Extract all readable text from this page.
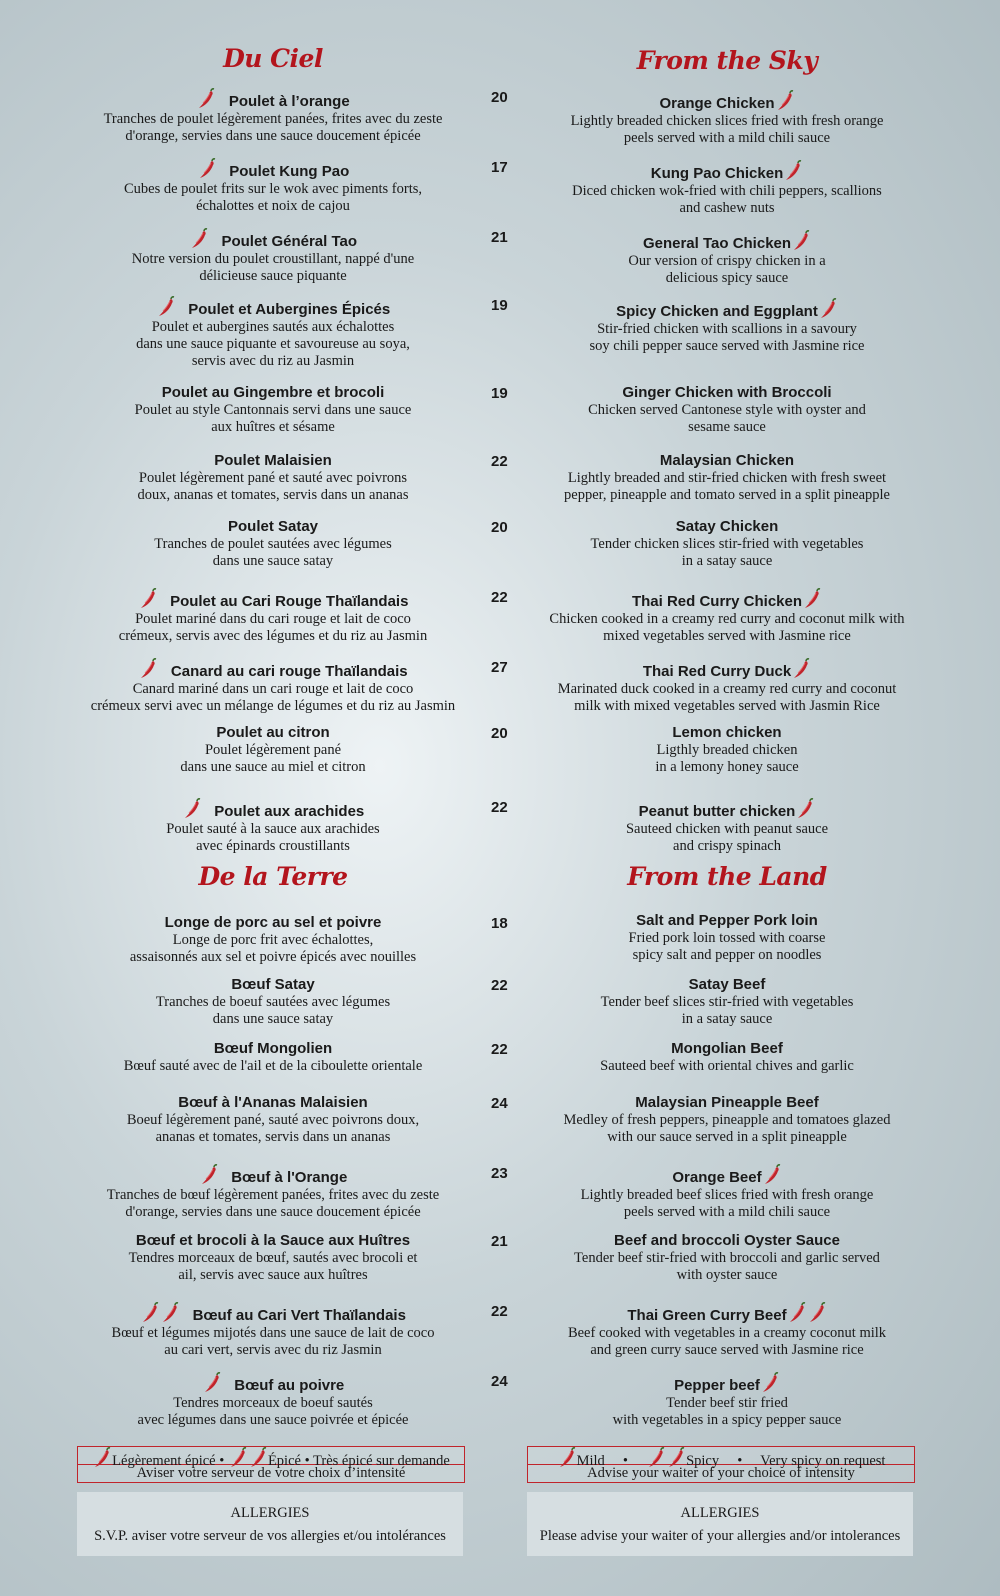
Du Ciel
Poulet à l’orange
Tranches de poulet légèrement panées, frites avec du zeste
d'orange, servies dans une sauce doucement épicée
20
Poulet Kung Pao
Cubes de poulet frits sur le wok avec piments forts,
échalottes et noix de cajou
17
Poulet Général Tao
Notre version du poulet croustillant, nappé d'une
délicieuse sauce piquante
21
Poulet et Aubergines Épicés
Poulet et aubergines sautés aux échalottes
dans une sauce piquante et savoureuse au soya,
servis avec du riz au Jasmin
19
Poulet au Gingembre et brocoli
Poulet au style Cantonnais servi dans une sauce
aux huîtres et sésame
19
Poulet Malaisien
Poulet légèrement pané et sauté avec poivrons
doux, ananas et tomates, servis dans un ananas
22
Poulet Satay
Tranches de poulet sautées avec légumes
dans une sauce satay
20
Poulet au Cari Rouge Thaïlandais
Poulet mariné dans du cari rouge et lait de coco
crémeux, servis avec des légumes et du riz au Jasmin
22
Canard au cari rouge Thaïlandais
Canard mariné dans un cari rouge et lait de coco
crémeux servi avec un mélange de légumes et du riz au Jasmin
27
Poulet au citron
Poulet légèrement pané
dans une sauce au miel et citron
20
Poulet aux arachides
Poulet sauté à la sauce aux arachides
avec épinards croustillants
22
De la Terre
Longe de porc au sel et poivre
Longe de porc frit avec échalottes,
assaisonnés aux sel et poivre épicés avec nouilles
18
Bœuf Satay
Tranches de boeuf sautées avec légumes
dans une sauce satay
22
Bœuf Mongolien
Bœuf sauté avec de l'ail et de la ciboulette orientale
22
Bœuf à l'Ananas Malaisien
Boeuf légèrement pané, sauté avec poivrons doux,
ananas et tomates, servis dans un ananas
24
Bœuf à l'Orange
Tranches de bœuf légèrement panées, frites avec du zeste
d'orange, servies dans une sauce doucement épicée
23
Bœuf et brocoli à la Sauce aux Huîtres
Tendres morceaux de bœuf, sautés avec brocoli et
ail, servis avec sauce aux huîtres
21
Bœuf au Cari Vert Thaïlandais
Bœuf et légumes mijotés dans une sauce de lait de coco
au cari vert, servis avec du riz Jasmin
22
Bœuf au poivre
Tendres morceaux de boeuf sautés
avec légumes dans une sauce poivrée et épicée
24
Légèrement épicé •	Épicé • Très épicé sur demande
Aviser votre serveur de votre choix d’intensité
ALLERGIES
S.V.P. aviser votre serveur de vos allergies et/ou intolérances
From the Sky
Orange Chicken
Lightly breaded chicken slices fried with fresh orange
peels served with a mild chili sauce
Kung Pao Chicken
Diced chicken wok-fried with chili peppers, scallions
and cashew nuts
General Tao Chicken
Our version of crispy chicken in a
delicious spicy sauce
Spicy Chicken and Eggplant
Stir-fried chicken with scallions in a savoury
soy chili pepper sauce served with Jasmine rice
Ginger Chicken with Broccoli
Chicken served Cantonese style with oyster and
sesame sauce
Malaysian Chicken
Lightly breaded and stir-fried chicken with fresh sweet
pepper, pineapple and tomato served in a split pineapple
Satay Chicken
Tender chicken slices stir-fried with vegetables
in a satay sauce
Thai Red Curry Chicken
Chicken cooked in a creamy red curry and coconut milk with
mixed vegetables served with Jasmine rice
Thai Red Curry Duck
Marinated duck cooked in a creamy red curry and coconut
milk with mixed vegetables served with Jasmin Rice
Lemon chicken
Ligthly breaded chicken
in a lemony honey sauce
Peanut butter chicken
Sauteed chicken with peanut sauce
and crispy spinach
From the Land
Salt and Pepper Pork loin
Fried pork loin tossed with coarse
spicy salt and pepper on noodles
Satay Beef
Tender beef slices stir-fried with vegetables
in a satay sauce
Mongolian Beef
Sauteed beef with oriental chives and garlic
Malaysian Pineapple Beef
Medley of fresh peppers, pineapple and tomatoes glazed
with our sauce served in a split pineapple
Orange Beef
Lightly breaded beef slices fried with fresh orange
peels served with a mild chili sauce
Beef and broccoli Oyster Sauce
Tender beef stir-fried with broccoli and garlic served
with oyster sauce
Thai Green Curry Beef
Beef cooked with vegetables in a creamy coconut milk
and green curry sauce served with Jasmine rice
Pepper beef
Tender beef stir fried
with vegetables in a spicy pepper sauce
Mild •	Spicy • Very spicy on request
Advise your waiter of your choice of intensity
ALLERGIES
Please advise your waiter of your allergies and/or intolerances
